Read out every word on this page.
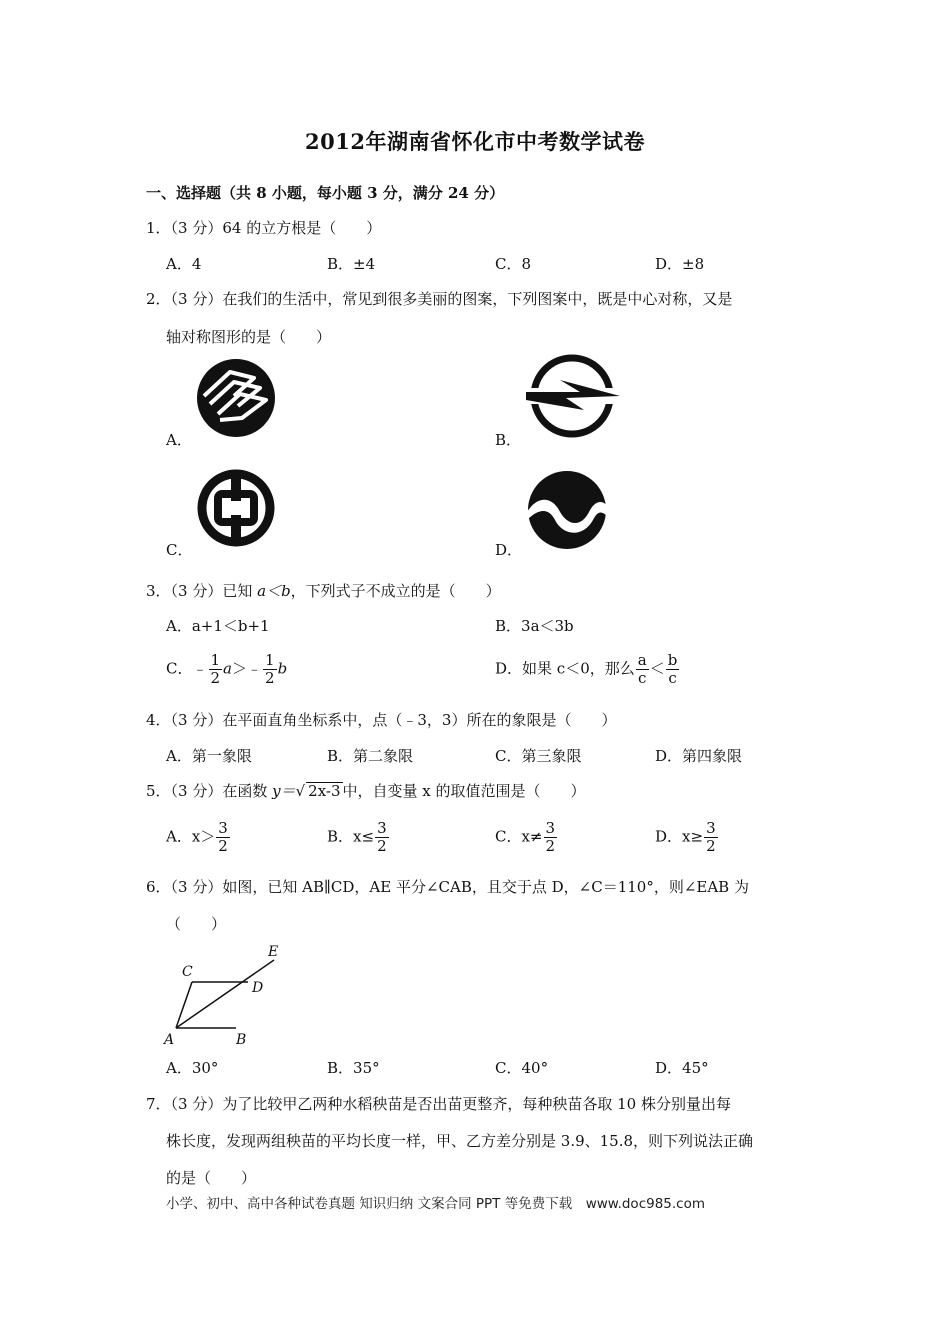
2012年湖南省怀化市中考数学试卷
一、选择题（共 8 小题，每小题 3 分，满分 24 分）
1．（3 分）64 的立方根是（　　）
A．4	B．±4	C．8	D．±8
2．（3 分）在我们的生活中，常见到很多美丽的图案，下列图案中，既是中心对称，又是
轴对称图形的是（　　）
A．	B．
C．	D．
3．（3 分）已知 a＜b，下列式子不成立的是（　　）
A．a+1＜b+1	B．3a＜3b
C．﹣ $\frac{1}{2}$ a＞﹣ $\frac{1}{2}$ b	D．如果 c＜0，那么 $\frac{a}{c} < \frac{b}{c}$
4．（3 分）在平面直角坐标系中，点（﹣3，3）所在的象限是（　　）
A．第一象限	B．第二象限	C．第三象限	D．第四象限
5．（3 分）在函数 y＝√ 2x-3 中，自变量 x 的取值范围是（　　）
A．$x> \frac{3}{2}$	B．$x\le \frac{3}{2}$	C．$x\ne \frac{3}{2}$	D．$x\ge \frac{3}{2}$
6．（3 分）如图，已知 AB∥CD，AE 平分∠CAB，且交于点 D，∠C＝110°，则∠EAB 为
（　　）
A	B
C
D
E
A．30°	B．35°	C．40°	D．45°
7．（3 分）为了比较甲乙两种水稻秧苗是否出苗更整齐，每种秧苗各取 10 株分别量出每
株长度，发现两组秧苗的平均长度一样，甲、乙方差分别是 3.9、15.8，则下列说法正确
的是（　　）
小学、初中、高中各种试卷真题 知识归纳 文案合同 PPT 等免费下载　www.doc985.com
